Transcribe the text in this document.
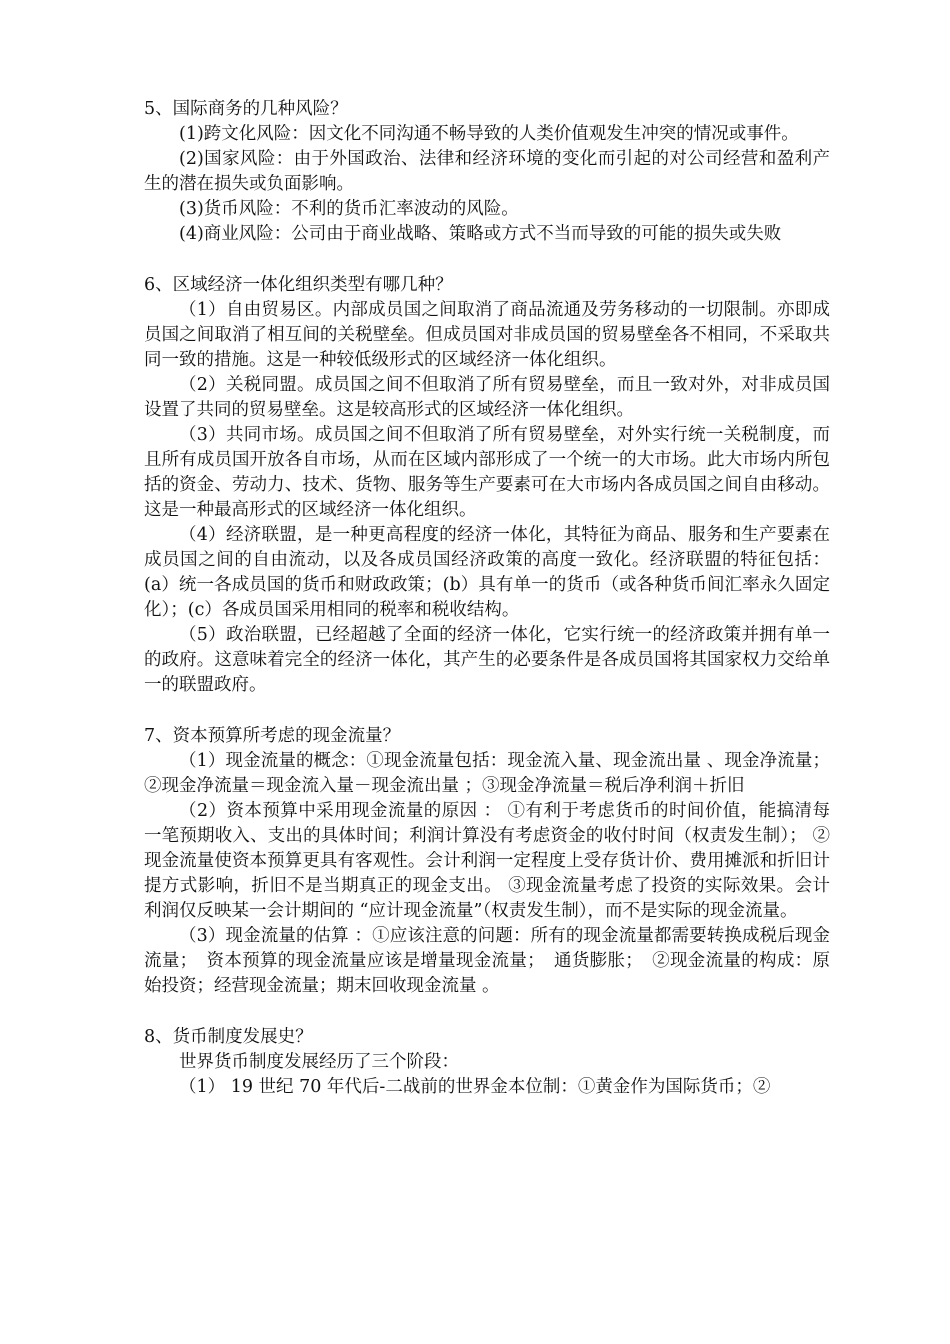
5、国际商务的几种风险？

(1)跨文化风险：因文化不同沟通不畅导致的人类价值观发生冲突的情况或事件。

(2)国家风险：由于外国政治、法律和经济环境的变化而引起的对公司经营和盈利产生的潜在损失或负面影响。

(3)货币风险：不利的货币汇率波动的风险。

(4)商业风险：公司由于商业战略、策略或方式不当而导致的可能的损失或失败

6、区域经济一体化组织类型有哪几种？

（1）自由贸易区。内部成员国之间取消了商品流通及劳务移动的一切限制。亦即成员国之间取消了相互间的关税壁垒。但成员国对非成员国的贸易壁垒各不相同，不采取共同一致的措施。这是一种较低级形式的区域经济一体化组织。

（2）关税同盟。成员国之间不但取消了所有贸易壁垒，而且一致对外，对非成员国设置了共同的贸易壁垒。这是较高形式的区域经济一体化组织。

（3）共同市场。成员国之间不但取消了所有贸易壁垒，对外实行统一关税制度，而且所有成员国开放各自市场，从而在区域内部形成了一个统一的大市场。此大市场内所包括的资金、劳动力、技术、货物、服务等生产要素可在大市场内各成员国之间自由移动。这是一种最高形式的区域经济一体化组织。

（4）经济联盟，是一种更高程度的经济一体化，其特征为商品、服务和生产要素在成员国之间的自由流动，以及各成员国经济政策的高度一致化。经济联盟的特征包括：(a）统一各成员国的货币和财政政策；(b）具有单一的货币（或各种货币间汇率永久固定化）；(c）各成员国采用相同的税率和税收结构。

（5）政治联盟，已经超越了全面的经济一体化，它实行统一的经济政策并拥有单一的政府。这意味着完全的经济一体化，其产生的必要条件是各成员国将其国家权力交给单一的联盟政府。

7、资本预算所考虑的现金流量？

（1）现金流量的概念：①现金流量包括：现金流入量、现金流出量 、现金净流量；②现金净流量＝现金流入量－现金流出量 ；③现金净流量＝税后净利润＋折旧

（2）资本预算中采用现金流量的原因 ： ①有利于考虑货币的时间价值，能搞清每一笔预期收入、支出的具体时间；利润计算没有考虑资金的收付时间（权责发生制）； ②现金流量使资本预算更具有客观性。会计利润一定程度上受存货计价、费用摊派和折旧计提方式影响，折旧不是当期真正的现金支出。 ③现金流量考虑了投资的实际效果。会计利润仅反映某一会计期间的 “应计现金流量”（权责发生制），而不是实际的现金流量。

（3）现金流量的估算 ：①应该注意的问题：所有的现金流量都需要转换成税后现金流量；　资本预算的现金流量应该是增量现金流量；　通货膨胀；　②现金流量的构成：原始投资；经营现金流量；期末回收现金流量 。

8、货币制度发展史？

世界货币制度发展经历了三个阶段：

（1） 19 世纪 70 年代后-二战前的世界金本位制：①黄金作为国际货币；②
